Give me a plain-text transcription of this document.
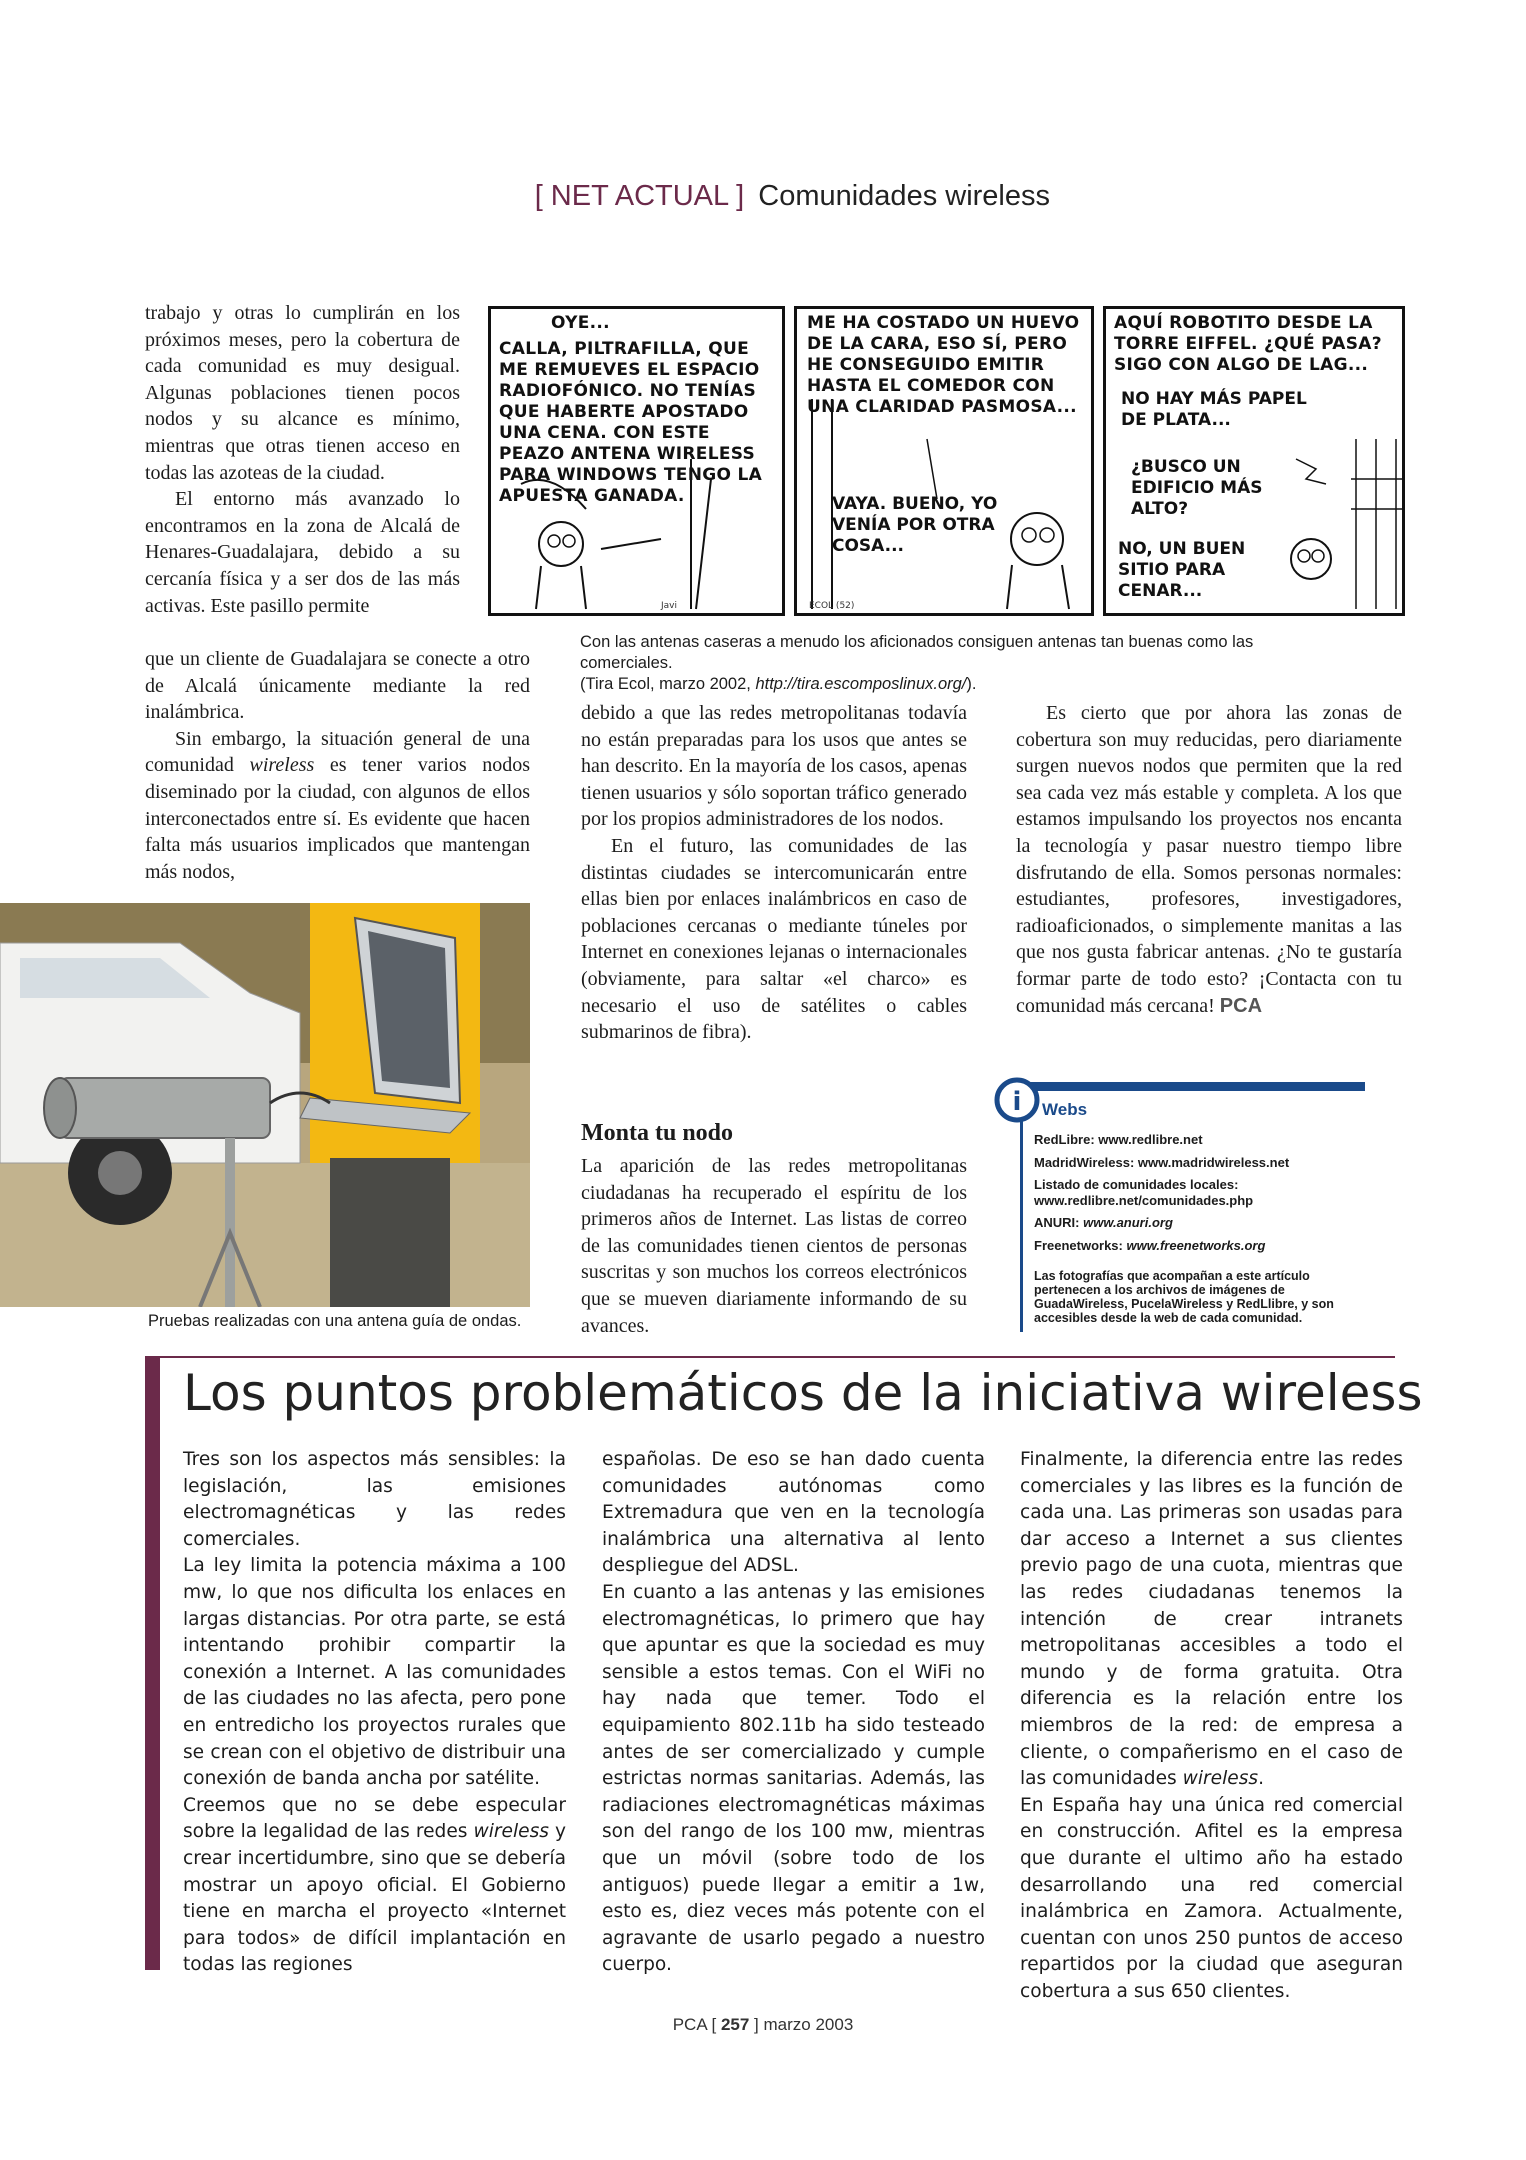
[ NET ACTUAL ] Comunidades wireless

trabajo y otras lo cumplirán en los próximos meses, pero la cobertura de cada comunidad es muy desigual. Algunas poblaciones tienen pocos nodos y su alcance es mínimo, mientras que otras tienen acceso en todas las azoteas de la ciudad.

El entorno más avanzado lo encontramos en la zona de Alcalá de Henares-Guadalajara, debido a su cercanía física y a ser dos de las más activas. Este pasillo permite

que un cliente de Guadalajara se conecte a otro de Alcalá únicamente mediante la red inalámbrica.

Sin embargo, la situación general de una comunidad wireless es tener varios nodos diseminado por la ciudad, con algunos de ellos interconectados entre sí. Es evidente que hacen falta más usuarios implicados que mantengan más nodos,

OYE...
CALLA, PILTRAFILLA, QUE ME REMUEVES EL ESPACIO RADIOFÓNICO. NO TENÍAS QUE HABERTE APOSTADO UNA CENA. CON ESTE PEAZO ANTENA WIRELESS PARA WINDOWS TENGO LA APUESTA GANADA.
Javi
ME HA COSTADO UN HUEVO DE LA CARA, ESO SÍ, PERO HE CONSEGUIDO EMITIR HASTA EL COMEDOR CON UNA CLARIDAD PASMOSA...
VAYA. BUENO, YO VENÍA POR OTRA COSA...
ECOL (52)
AQUÍ ROBOTITO DESDE LA TORRE EIFFEL. ¿QUÉ PASA? SIGO CON ALGO DE LAG...
NO HAY MÁS PAPEL DE PLATA...
¿BUSCO UN EDIFICIO MÁS ALTO?
NO, UN BUEN SITIO PARA CENAR...
Con las antenas caseras a menudo los aficionados consiguen antenas tan buenas como las comerciales.
(Tira Ecol, marzo 2002, http://tira.escomposlinux.org/).
Pruebas realizadas con una antena guía de ondas.

debido a que las redes metropolitanas todavía no están preparadas para los usos que antes se han descrito. En la mayoría de los casos, apenas tienen usuarios y sólo soportan tráfico generado por los propios administradores de los nodos.

En el futuro, las comunidades de las distintas ciudades se intercomunicarán entre ellas bien por enlaces inalámbricos en caso de poblaciones cercanas o mediante túneles por Internet en conexiones lejanas o internacionales (obviamente, para saltar «el charco» es necesario el uso de satélites o cables submarinos de fibra).

Monta tu nodo

La aparición de las redes metropolitanas ciudadanas ha recuperado el espíritu de los primeros años de Internet. Las listas de correo de las comunidades tienen cientos de personas suscritas y son muchos los correos electrónicos que se mueven diariamente informando de su avances.

Es cierto que por ahora las zonas de cobertura son muy reducidas, pero diariamente surgen nuevos nodos que permiten que la red sea cada vez más estable y completa. A los que estamos impulsando los proyectos nos encanta la tecnología y pasar nuestro tiempo libre disfrutando de ella. Somos personas normales: estudiantes, profesores, investigadores, radioaficionados, o simplemente manitas a las que nos gusta fabricar antenas. ¿No te gustaría formar parte de todo esto? ¡Contacta con tu comunidad más cercana! PCA

i Webs
RedLibre: www.redlibre.net
MadridWireless: www.madridwireless.net
Listado de comunidades locales: www.redlibre.net/comunidades.php
ANURI: www.anuri.org
Freenetworks: www.freenetworks.org
Las fotografías que acompañan a este artículo pertenecen a los archivos de imágenes de GuadaWireless, PucelaWireless y RedLlibre, y son accesibles desde la web de cada comunidad.
Los puntos problemáticos de la iniciativa wireless

Tres son los aspectos más sensibles: la legislación, las emisiones electromagnéticas y las redes comerciales.

La ley limita la potencia máxima a 100 mw, lo que nos dificulta los enlaces en largas distancias. Por otra parte, se está intentando prohibir compartir la conexión a Internet. A las comunidades de las ciudades no las afecta, pero pone en entredicho los proyectos rurales que se crean con el objetivo de distribuir una conexión de banda ancha por satélite.

Creemos que no se debe especular sobre la legalidad de las redes wireless y crear incertidumbre, sino que se debería mostrar un apoyo oficial. El Gobierno tiene en marcha el proyecto «Internet para todos» de difícil implantación en todas las regiones

españolas. De eso se han dado cuenta comunidades autónomas como Extremadura que ven en la tecnología inalámbrica una alternativa al lento despliegue del ADSL.

En cuanto a las antenas y las emisiones electromagnéticas, lo primero que hay que apuntar es que la sociedad es muy sensible a estos temas. Con el WiFi no hay nada que temer. Todo el equipamiento 802.11b ha sido testeado antes de ser comercializado y cumple estrictas normas sanitarias. Además, las radiaciones electromagnéticas máximas son del rango de los 100 mw, mientras que un móvil (sobre todo de los antiguos) puede llegar a emitir a 1w, esto es, diez veces más potente con el agravante de usarlo pegado a nuestro cuerpo.

Finalmente, la diferencia entre las redes comerciales y las libres es la función de cada una. Las primeras son usadas para dar acceso a Internet a sus clientes previo pago de una cuota, mientras que las redes ciudadanas tenemos la intención de crear intranets metropolitanas accesibles a todo el mundo y de forma gratuita. Otra diferencia es la relación entre los miembros de la red: de empresa a cliente, o compañerismo en el caso de las comunidades wireless.

En España hay una única red comercial en construcción. Afitel es la empresa que durante el ultimo año ha estado desarrollando una red comercial inalámbrica en Zamora. Actualmente, cuentan con unos 250 puntos de acceso repartidos por la ciudad que aseguran cobertura a sus 650 clientes.

PCA [ 257 ] marzo 2003
